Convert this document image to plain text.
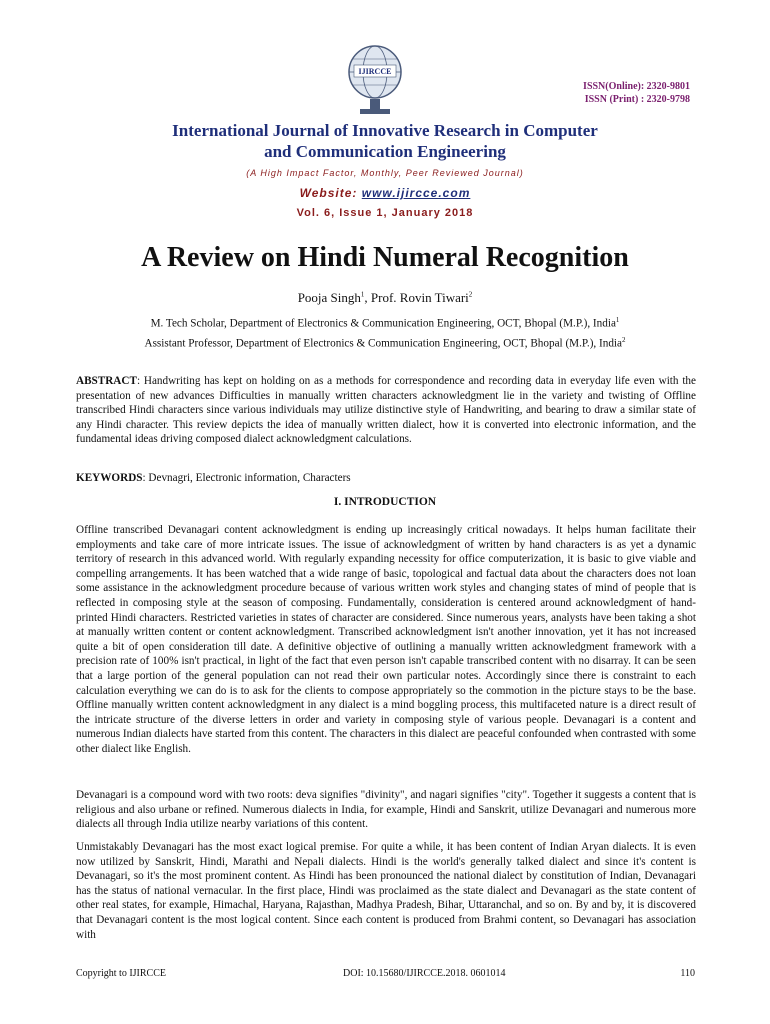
IJIRCCE
ISSN(Online): 2320-9801
ISSN (Print) : 2320-9798
International Journal of Innovative Research in Computer
and Communication Engineering
(A High Impact Factor, Monthly, Peer Reviewed Journal)
Website: www.ijircce.com
Vol. 6, Issue 1, January 2018
A Review on Hindi Numeral Recognition
Pooja Singh$^1$, Prof. Rovin Tiwari$^2$
M. Tech Scholar, Department of Electronics & Communication Engineering, OCT, Bhopal (M.P.), India$^1$
Assistant Professor, Department of Electronics & Communication Engineering, OCT, Bhopal (M.P.), India$^2$
ABSTRACT: Handwriting has kept on holding on as a methods for correspondence and recording data in everyday life even with the presentation of new advances Difficulties in manually written characters acknowledgment lie in the variety and twisting of Offline transcribed Hindi characters since various individuals may utilize distinctive style of Handwriting, and bearing to draw a similar state of any Hindi character. This review depicts the idea of manually written dialect, how it is converted into electronic information, and the fundamental ideas driving composed dialect acknowledgment calculations.
KEYWORDS: Devnagri, Electronic information, Characters
I. INTRODUCTION
Offline transcribed Devanagari content acknowledgment is ending up increasingly critical nowadays. It helps human facilitate their employments and take care of more intricate issues. The issue of acknowledgment of written by hand characters is as yet a dynamic territory of research in this advanced world. With regularly expanding necessity for office computerization, it is basic to give viable and compelling arrangements. It has been watched that a wide range of basic, topological and factual data about the characters does not loan some assistance in the acknowledgment procedure because of various written work styles and changing states of mind of people that is reflected in composing style at the season of composing. Fundamentally, consideration is centered around acknowledgment of hand-printed Hindi characters. Restricted varieties in states of character are considered. Since numerous years, analysts have been taking a shot at manually written content or content acknowledgment. Transcribed acknowledgment isn't another innovation, yet it has not increased quite a bit of open consideration till date. A definitive objective of outlining a manually written acknowledgment framework with a precision rate of 100% isn't practical, in light of the fact that even person isn't capable transcribed content with no disarray. It can be seen that a large portion of the general population can not read their own particular notes. Accordingly since there is constraint to each calculation everything we can do is to ask for the clients to compose appropriately so the commotion in the picture stays to be the base. Offline manually written content acknowledgment in any dialect is a mind boggling process, this multifaceted nature is a direct result of the intricate structure of the diverse letters in order and variety in composing style of various people. Devanagari is a content and numerous Indian dialects have started from this content. The characters in this dialect are peaceful confounded when contrasted with some other dialect like English.
Devanagari is a compound word with two roots: deva signifies "divinity", and nagari signifies "city". Together it suggests a content that is religious and also urbane or refined. Numerous dialects in India, for example, Hindi and Sanskrit, utilize Devanagari and numerous more dialects all through India utilize nearby variations of this content.
Unmistakably Devanagari has the most exact logical premise. For quite a while, it has been content of Indian Aryan dialects. It is even now utilized by Sanskrit, Hindi, Marathi and Nepali dialects. Hindi is the world's generally talked dialect and since it's content is Devanagari, so it's the most prominent content. As Hindi has been pronounced the national dialect by constitution of Indian, Devanagari has the status of national vernacular. In the first place, Hindi was proclaimed as the state dialect and Devanagari as the state content of other real states, for example, Himachal, Haryana, Rajasthan, Madhya Pradesh, Bihar, Uttaranchal, and so on. By and by, it is discovered that Devanagari content is the most logical content. Since each content is produced from Brahmi content, so Devanagari has association with
Copyright to IJIRCCE	DOI: 10.15680/IJIRCCE.2018. 0601014	110
